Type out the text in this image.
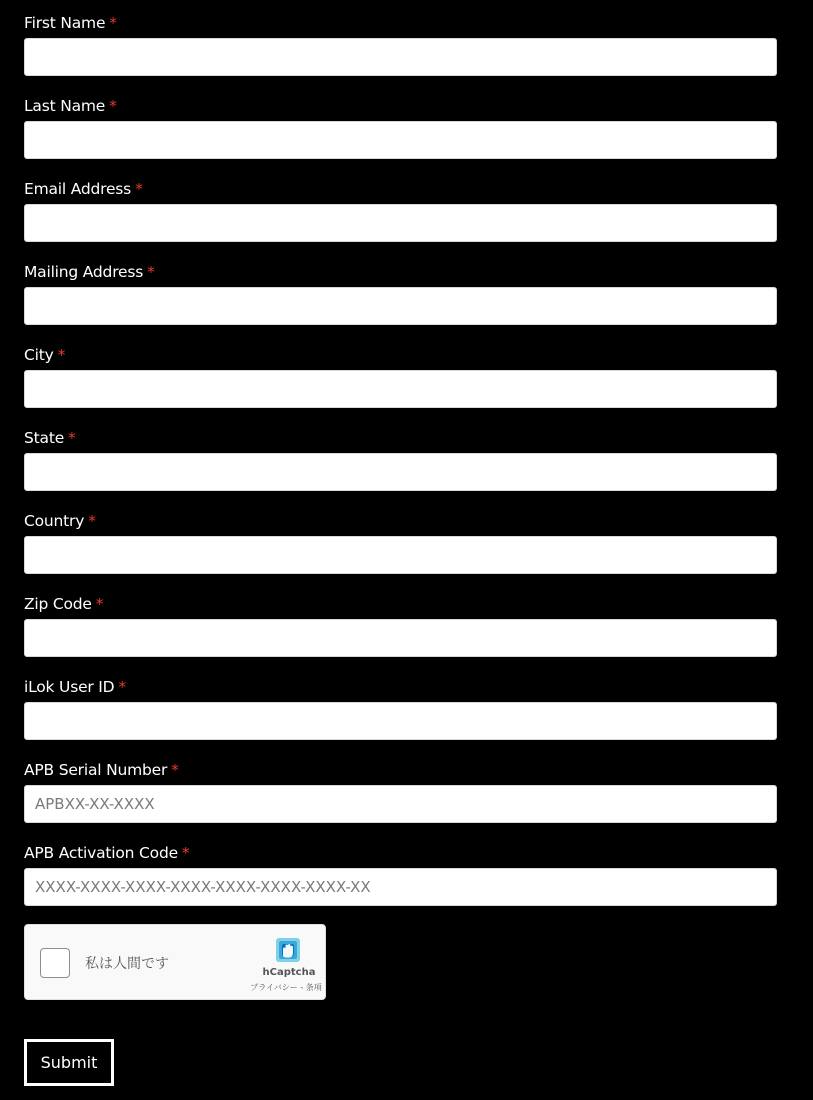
First Name *
Last Name *
Email Address *
Mailing Address *
City *
State *
Country *
Zip Code *
iLok User ID *
APB Serial Number *
APBXX-XX-XXXX
APB Activation Code *
XXXX-XXXX-XXXX-XXXX-XXXX-XXXX-XXXX-XX
私は人間です
hCaptcha
プライバシー - 条項
Submit
